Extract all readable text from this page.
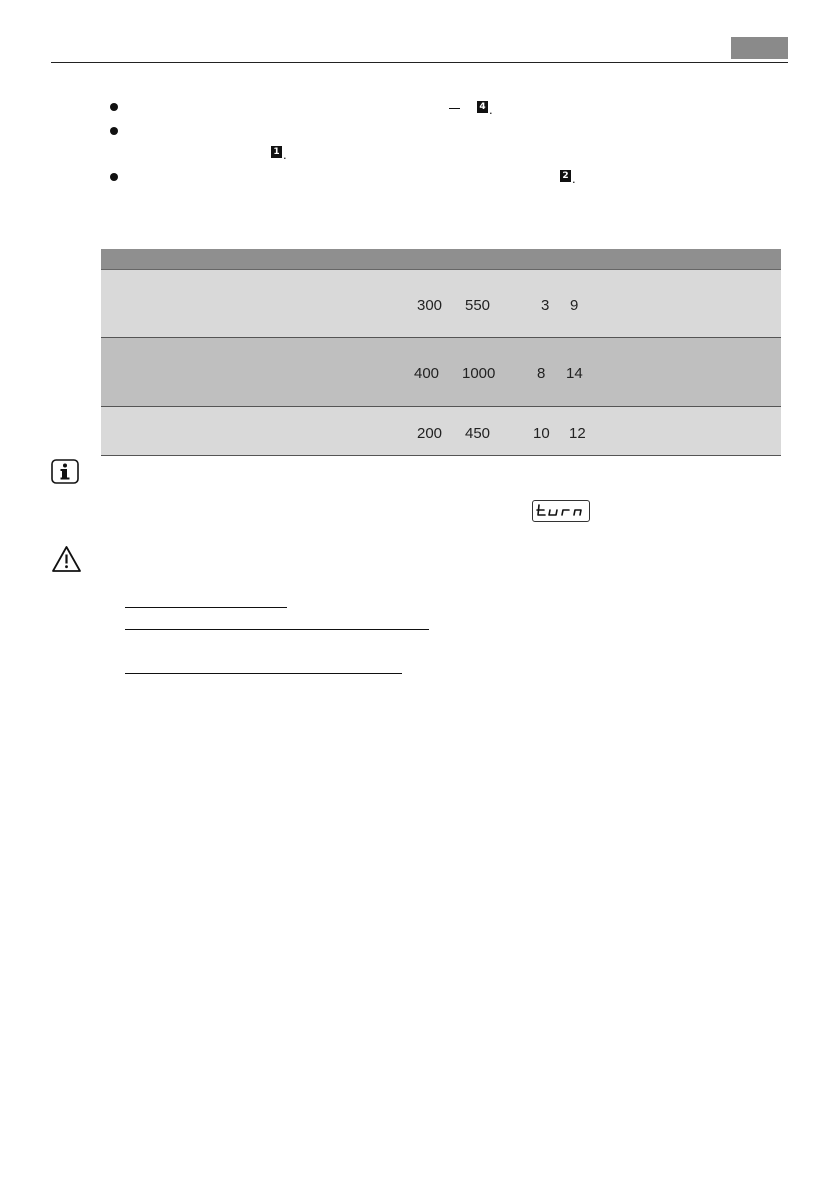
4 .
1 .
2 .
300 550	3 9
400 1000	8 14
200 450	10 12
